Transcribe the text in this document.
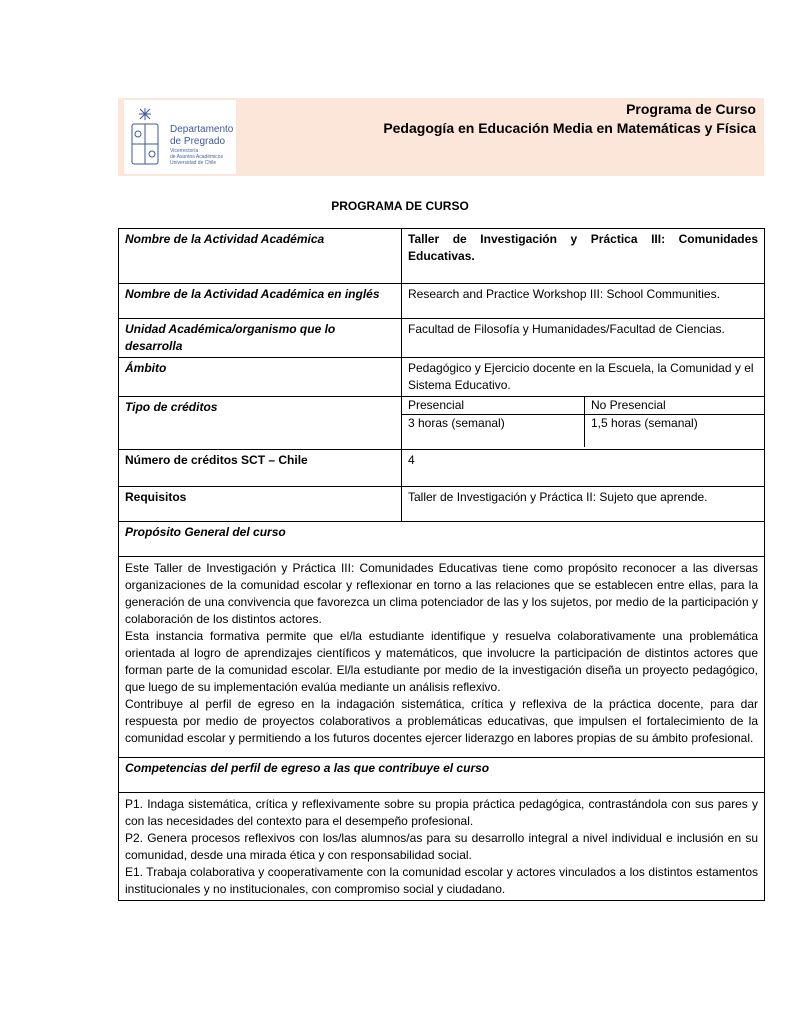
Departamento
de Pregrado
Vicerrectoría
de Asuntos Académicos
Universidad de Chile
Programa de Curso
Pedagogía en Educación Media en Matemáticas y Física
PROGRAMA DE CURSO
Nombre de la Actividad Académica	Taller de Investigación y Práctica III: Comunidades Educativas.
Nombre de la Actividad Académica en inglés	Research and Practice Workshop III: School Communities.
Unidad Académica/organismo que lo desarrolla	Facultad de Filosofía y Humanidades/Facultad de Ciencias.
Ámbito	Pedagógico y Ejercicio docente en la Escuela, la Comunidad y el Sistema Educativo.
Tipo de créditos		Presencial	No Presencial
3 horas (semanal)	1,5 horas (semanal)

Número de créditos SCT – Chile	4
Requisitos	Taller de Investigación y Práctica II: Sujeto que aprende.
Propósito General del curso

Este Taller de Investigación y Práctica III: Comunidades Educativas tiene como propósito reconocer a las diversas organizaciones de la comunidad escolar y reflexionar en torno a las relaciones que se establecen entre ellas, para la generación de una convivencia que favorezca un clima potenciador de las y los sujetos, por medio de la participación y colaboración de los distintos actores.

Esta instancia formativa permite que el/la estudiante identifique y resuelva colaborativamente una problemática orientada al logro de aprendizajes científicos y matemáticos, que involucre la participación de distintos actores que forman parte de la comunidad escolar. El/la estudiante por medio de la investigación diseña un proyecto pedagógico, que luego de su implementación evalúa mediante un análisis reflexivo.

Contribuye al perfil de egreso en la indagación sistemática, crítica y reflexiva de la práctica docente, para dar respuesta por medio de proyectos colaborativos a problemáticas educativas, que impulsen el fortalecimiento de la comunidad escolar y permitiendo a los futuros docentes ejercer liderazgo en labores propias de su ámbito profesional.

Competencias del perfil de egreso a las que contribuye el curso

P1. Indaga sistemática, crítica y reflexivamente sobre su propia práctica pedagógica, contrastándola con sus pares y con las necesidades del contexto para el desempeño profesional.

P2. Genera procesos reflexivos con los/las alumnos/as para su desarrollo integral a nivel individual e inclusión en su comunidad, desde una mirada ética y con responsabilidad social.

E1. Trabaja colaborativa y cooperativamente con la comunidad escolar y actores vinculados a los distintos estamentos institucionales y no institucionales, con compromiso social y ciudadano.
